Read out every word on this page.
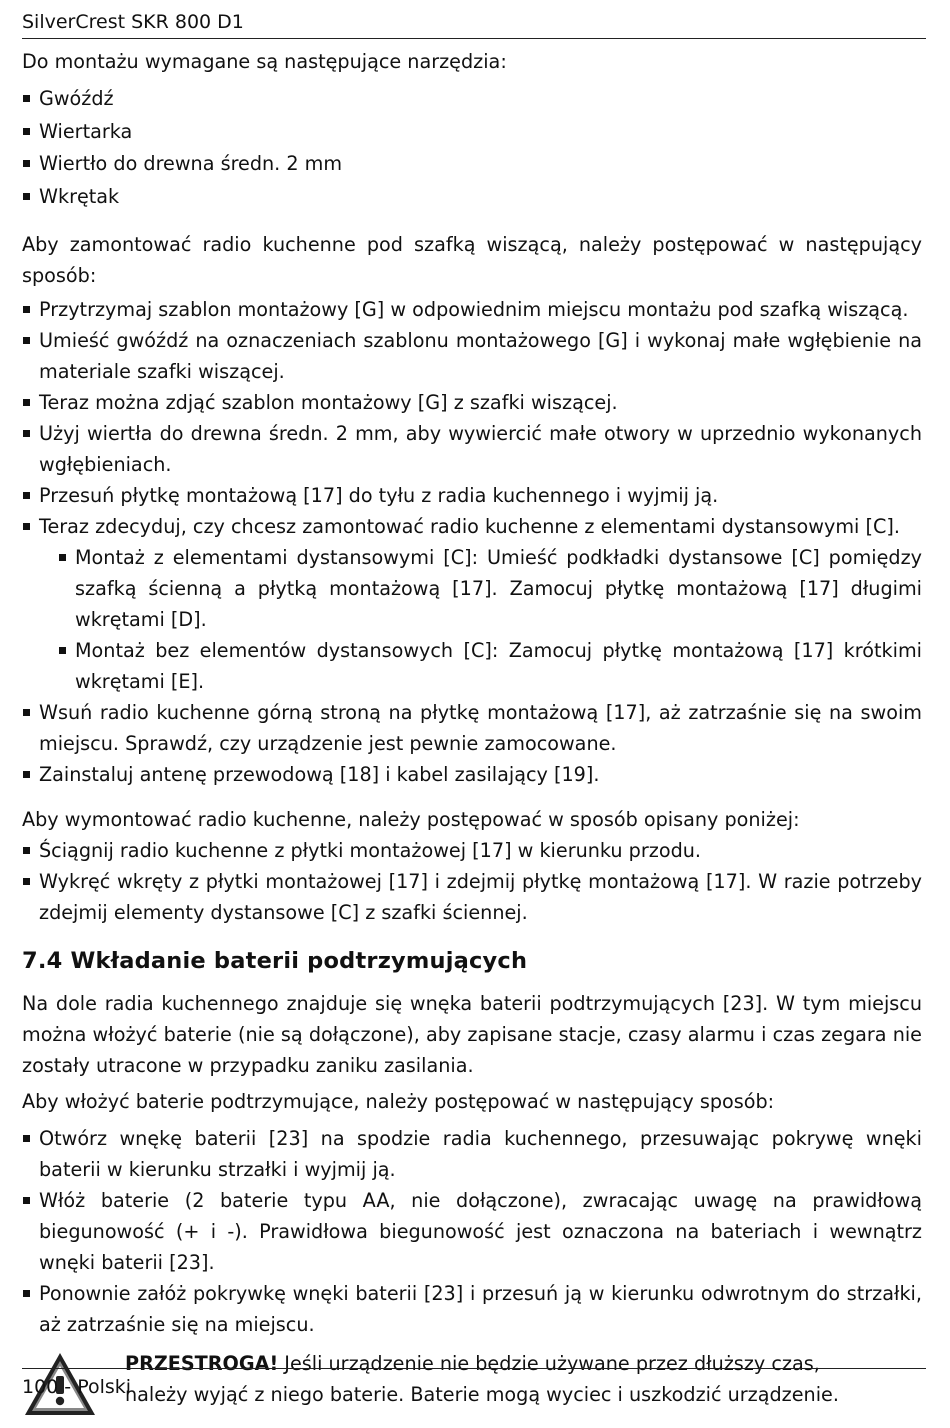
SilverCrest SKR 800 D1

Do montażu wymagane są następujące narzędzia:

Gwóźdź
Wiertarka
Wiertło do drewna średn. 2 mm
Wkrętak

Aby zamontować radio kuchenne pod szafką wiszącą, należy postępować w następujący sposób:

Przytrzymaj szablon montażowy [G] w odpowiednim miejscu montażu pod szafką wiszącą.
Umieść gwóźdź na oznaczeniach szablonu montażowego [G] i wykonaj małe wgłębienie na materiale szafki wiszącej.
Teraz można zdjąć szablon montażowy [G] z szafki wiszącej.
Użyj wiertła do drewna średn. 2 mm, aby wywiercić małe otwory w uprzednio wykonanych wgłębieniach.
Przesuń płytkę montażową [17] do tyłu z radia kuchennego i wyjmij ją.
Teraz zdecyduj, czy chcesz zamontować radio kuchenne z elementami dystansowymi [C].
Montaż z elementami dystansowymi [C]: Umieść podkładki dystansowe [C] pomiędzy szafką ścienną a płytką montażową [17]. Zamocuj płytkę montażową [17] długimi wkrętami [D].
Montaż bez elementów dystansowych [C]: Zamocuj płytkę montażową [17] krótkimi wkrętami [E].
Wsuń radio kuchenne górną stroną na płytkę montażową [17], aż zatrzaśnie się na swoim miejscu. Sprawdź, czy urządzenie jest pewnie zamocowane.
Zainstaluj antenę przewodową [18] i kabel zasilający [19].

Aby wymontować radio kuchenne, należy postępować w sposób opisany poniżej:

Ściągnij radio kuchenne z płytki montażowej [17] w kierunku przodu.
Wykręć wkręty z płytki montażowej [17] i zdejmij płytkę montażową [17]. W razie potrzeby zdejmij elementy dystansowe [C] z szafki ściennej.
7.4 Wkładanie baterii podtrzymujących

Na dole radia kuchennego znajduje się wnęka baterii podtrzymujących [23]. W tym miejscu można włożyć baterie (nie są dołączone), aby zapisane stacje, czasy alarmu i czas zegara nie zostały utracone w przypadku zaniku zasilania.

Aby włożyć baterie podtrzymujące, należy postępować w następujący sposób:

Otwórz wnękę baterii [23] na spodzie radia kuchennego, przesuwając pokrywę wnęki baterii w kierunku strzałki i wyjmij ją.
Włóż baterie (2 baterie typu AA, nie dołączone), zwracając uwagę na prawidłową biegunowość (+ i -). Prawidłowa biegunowość jest oznaczona na bateriach i wewnątrz wnęki baterii [23].
Ponownie załóż pokrywkę wnęki baterii [23] i przesuń ją w kierunku odwrotnym do strzałki, aż zatrzaśnie się na miejscu.
PRZESTROGA! Jeśli urządzenie nie będzie używane przez dłuższy czas, należy wyjąć z niego baterie. Baterie mogą wyciec i uszkodzić urządzenie.
100 - Polski
